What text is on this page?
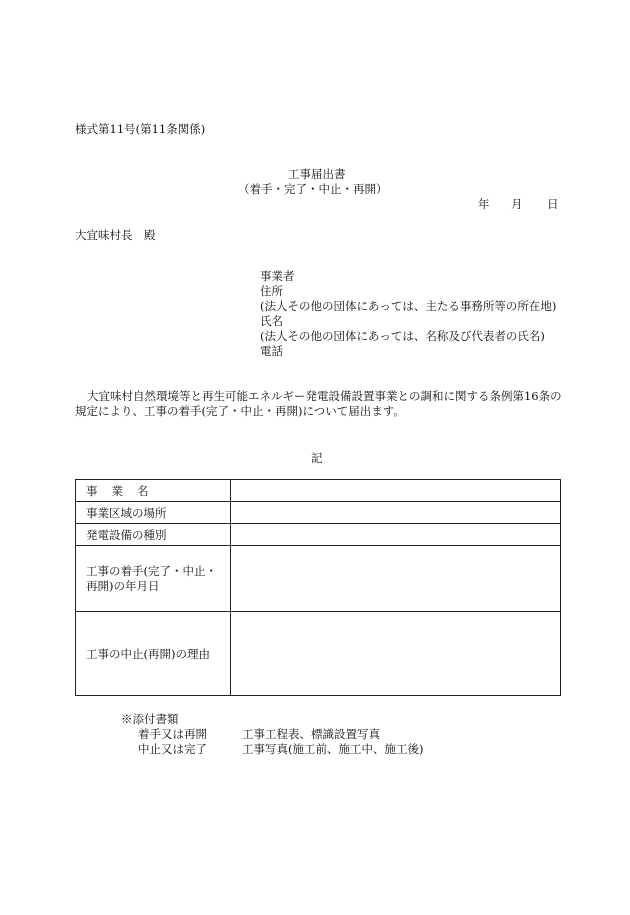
様式第11号(第11条関係)
工事届出書
（着手・完了・中止・再開）
年 月 日
大宜味村長　殿
事業者
住所
(法人その他の団体にあっては、主たる事務所等の所在地)
氏名
(法人その他の団体にあっては、名称及び代表者の氏名)
電話
大宜味村自然環境等と再生可能エネルギー発電設備設置事業との調和に関する条例第16条の
規定により、工事の着手(完了・中止・再開)について届出ます。
記
事業名	
事業区域の場所	
発電設備の種別	

工事の着手(完了・中止・
再開)の年月日	

工事の中止(再開)の理由	
※添付書類
着手又は再開	工事工程表、標識設置写真
中止又は完了	工事写真(施工前、施工中、施工後)
